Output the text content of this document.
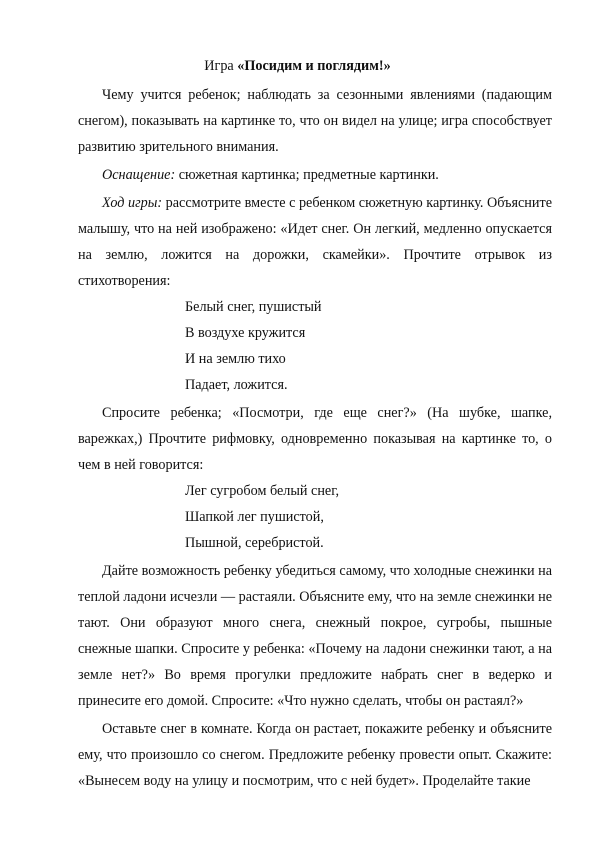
Игра «Посидим и поглядим!»

Чему учится ребенок; наблюдать за сезонными явлениями (падающим снегом), показывать на картинке то, что он видел на улице; игра способствует развитию зрительного внимания.

Оснащение: сюжетная картинка; предметные картинки.

Ход игры: рассмотрите вместе с ребенком сюжетную картинку. Объясните малышу, что на ней изображено: «Идет снег. Он легкий, медленно опускается на землю, ложится на дорожки, скамейки». Прочтите отрывок из стихотворения:

Белый снег, пушистый

В воздухе кружится

И на землю тихо

Падает, ложится.

Спросите ребенка; «Посмотри, где еще снег?» (На шубке, шапке, варежках,) Прочтите рифмовку, одновременно показывая на картинке то, о чем в ней говорится:

Лег сугробом белый снег,

Шапкой лег пушистой,

Пышной, серебристой.

Дайте возможность ребенку убедиться самому, что холодные снежинки на теплой ладони исчезли — растаяли. Объясните ему, что на земле снежинки не тают. Они образуют много снега, снежный покрое, сугробы, пышные снежные шапки. Спросите у ребенка: «Почему на ладони снежинки тают, а на земле нет?» Во время прогулки предложите набрать снег в ведерко и принесите его домой. Спросите: «Что нужно сделать, чтобы он растаял?»

Оставьте снег в комнате. Когда он растает, покажите ребенку и объясните ему, что произошло со снегом. Предложите ребенку провести опыт. Скажите: «Вынесем воду на улицу и посмотрим, что с ней будет». Проделайте такие
